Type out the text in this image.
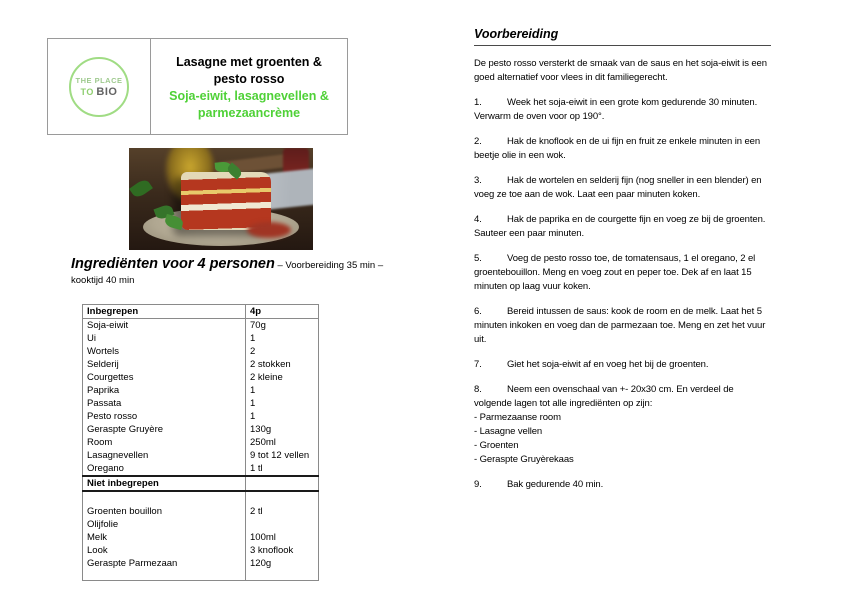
THE PLACE
TO BIO
Lasagne met groenten & pesto rosso
Soja-eiwit, lasagnevellen & parmezaancrème
Ingrediënten voor 4 personen – Voorbereiding 35 min – kooktijd 40 min
Inbegrepen	4p
Soja-eiwit	70g
Ui	1
Wortels	2
Selderij	2 stokken
Courgettes	2 kleine
Paprika	1
Passata	1
Pesto rosso	1
Geraspte Gruyère	130g
Room	250ml
Lasagnevellen	9 tot 12 vellen
Oregano	1 tl
Niet inbegrepen	

Groenten bouillon	2 tl
Olijfolie	
Melk	100ml
Look	3 knoflook
Geraspte Parmezaan	120g

Voorbereiding

De pesto rosso versterkt de smaak van de saus en het soja-eiwit is een goed alternatief voor vlees in dit familiegerecht.

1.	Week het soja-eiwit in een grote kom gedurende 30 minuten. Verwarm de oven voor op 190°.
2.	Hak de knoflook en de ui fijn en fruit ze enkele minuten in een beetje olie in een wok.
3.	Hak de wortelen en selderij fijn (nog sneller in een blender) en voeg ze toe aan de wok. Laat een paar minuten koken.
4.	Hak de paprika en de courgette fijn en voeg ze bij de groenten. Sauteer een paar minuten.
5.	Voeg de pesto rosso toe, de tomatensaus, 1 el oregano, 2 el groentebouillon. Meng en voeg zout en peper toe. Dek af en laat 15 minuten op laag vuur koken.
6.	Bereid intussen de saus: kook de room en de melk. Laat het 5 minuten inkoken en voeg dan de parmezaan toe. Meng en zet het vuur uit.
7.	Giet het soja-eiwit af en voeg het bij de groenten.
8.	Neem een ovenschaal van +- 20x30 cm. En verdeel de volgende lagen tot alle ingrediënten op zijn:
- Parmezaanse room
- Lasagne vellen
- Groenten
- Geraspte Gruyèrekaas
9.	Bak gedurende 40 min.
